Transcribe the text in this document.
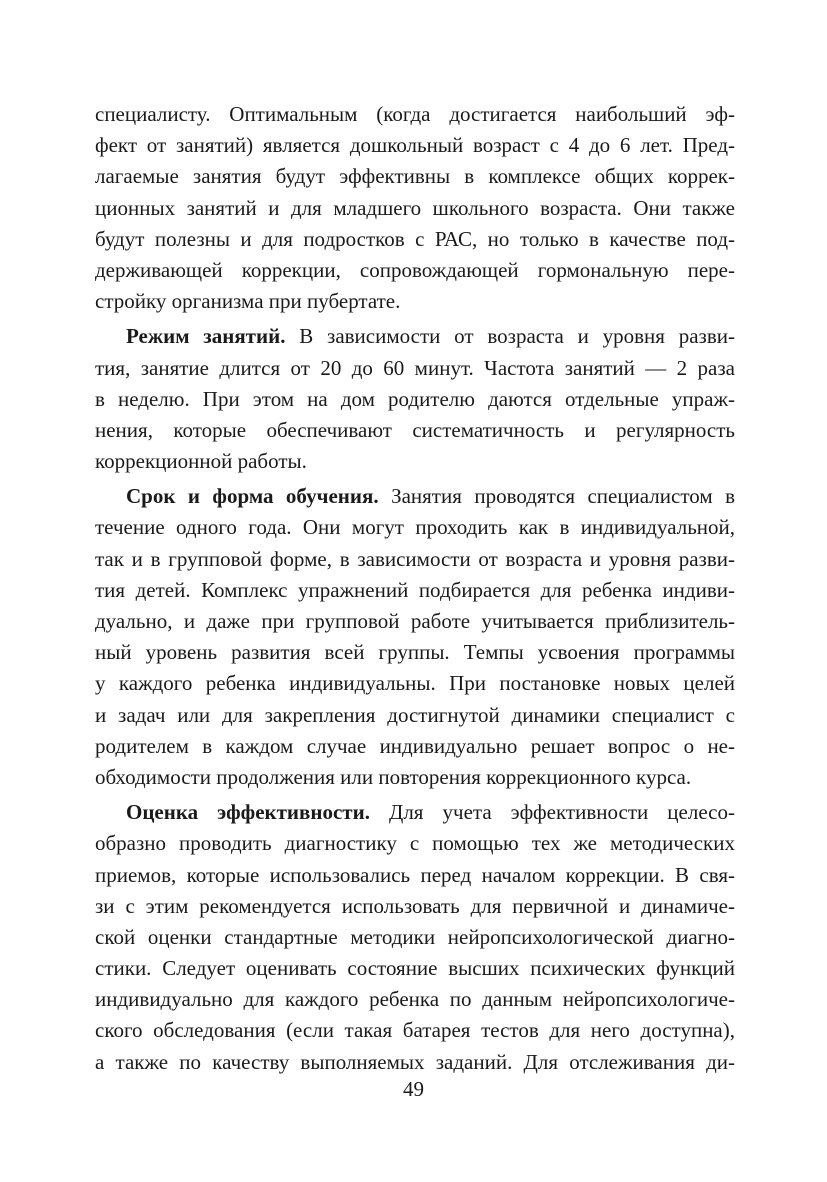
специалисту. Оптимальным (когда достигается наибольший эф-
фект от занятий) является дошкольный возраст с 4 до 6 лет. Пред-
лагаемые занятия будут эффективны в комплексе общих коррек-
ционных занятий и для младшего школьного возраста. Они также
будут полезны и для подростков с РАС, но только в качестве под-
держивающей коррекции, сопровождающей гормональную пере-
стройку организма при пубертате.
Режим занятий. В зависимости от возраста и уровня разви-
тия, занятие длится от 20 до 60 минут. Частота занятий — 2 раза
в неделю. При этом на дом родителю даются отдельные упраж-
нения, которые обеспечивают систематичность и регулярность
коррекционной работы.
Срок и форма обучения. Занятия проводятся специалистом в
течение одного года. Они могут проходить как в индивидуальной,
так и в групповой форме, в зависимости от возраста и уровня разви-
тия детей. Комплекс упражнений подбирается для ребенка индиви-
дуально, и даже при групповой работе учитывается приблизитель-
ный уровень развития всей группы. Темпы усвоения программы
у каждого ребенка индивидуальны. При постановке новых целей
и задач или для закрепления достигнутой динамики специалист с
родителем в каждом случае индивидуально решает вопрос о не-
обходимости продолжения или повторения коррекционного курса.
Оценка эффективности. Для учета эффективности целесо-
образно проводить диагностику с помощью тех же методических
приемов, которые использовались перед началом коррекции. В свя-
зи с этим рекомендуется использовать для первичной и динамиче-
ской оценки стандартные методики нейропсихологической диагно-
стики. Следует оценивать состояние высших психических функций
индивидуально для каждого ребенка по данным нейропсихологиче-
ского обследования (если такая батарея тестов для него доступна),
а также по качеству выполняемых заданий. Для отслеживания ди-
49
